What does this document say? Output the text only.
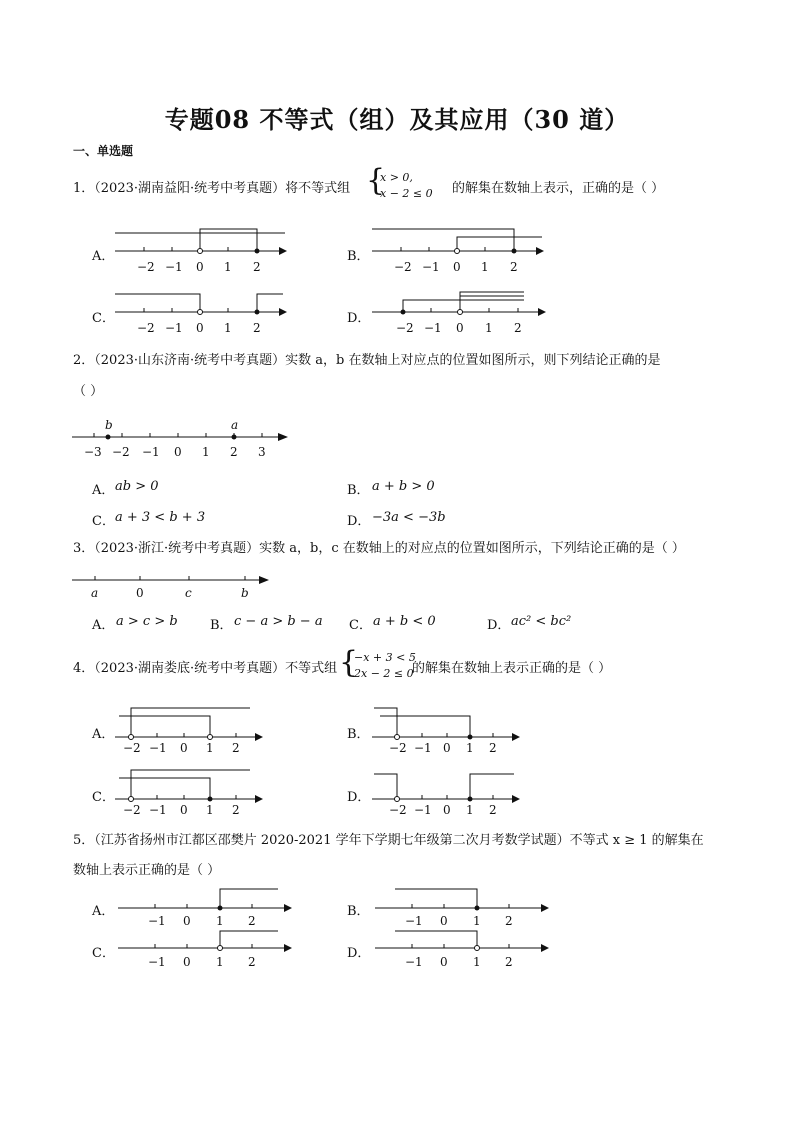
专题08 不等式（组）及其应用（30 道）
一、单选题
1．（2023·湖南益阳·统考中考真题）将不等式组 {
x > 0,
x − 2 ≤ 0 的解集在数轴上表示，正确的是（ ）
A．
−2 −1 0 1 2
B．
−2 −1 0 1 2
C．
−2 −1 0 1 2
D．
−2 −1 0 1 2
2．（2023·山东济南·统考中考真题）实数 a，b 在数轴上对应点的位置如图所示，则下列结论正确的是
（ ）
−3 −2 −1 0 1 2 3
b	a
A． ab > 0	B． a + b > 0
C． a + 3 < b + 3	D． −3a < −3b
3．（2023·浙江·统考中考真题）实数 a，b，c 在数轴上的对应点的位置如图所示，下列结论正确的是（ ）
a	0	c	b
A． a > c > b B． c − a > b − a C． a + b < 0	D． ac² < bc²
4．（2023·湖南娄底·统考中考真题）不等式组 {
−x + 3 < 5
2x − 2 ≤ 0
的解集在数轴上表示正确的是（ ）
A．
−2 −1 0 1 2
B．
−2 −1 0 1 2
C．
−2 −1 0 1 2
D．
−2 −1 0 1 2
5．（江苏省扬州市江都区邵樊片 2020-2021 学年下学期七年级第二次月考数学试题）不等式 x ≥ 1 的解集在
数轴上表示正确的是（ ）
A．
−1 0 1 2
B．
−1 0 1 2
C．
−1 0 1 2
D．
−1 0 1 2
